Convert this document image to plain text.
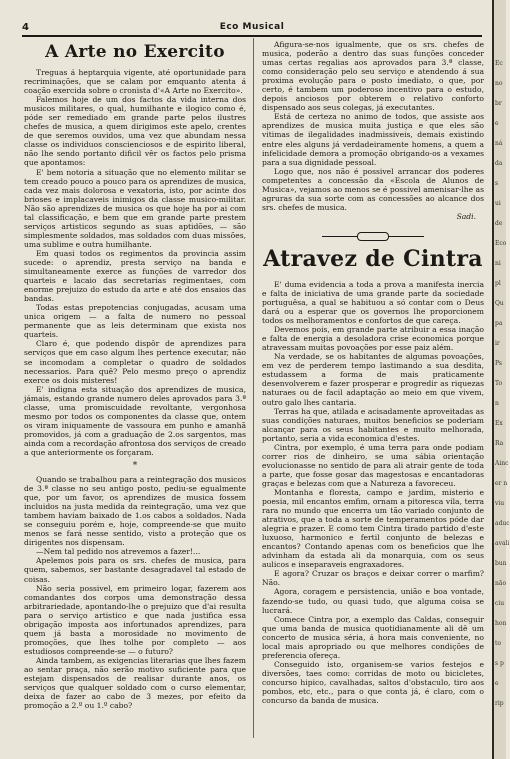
4	Eco Musical
A Arte no Exercito

Treguas á heptarquia vigente, até oportunidade para recriminações, que se calam por emquanto atenta á coação exercida sobre o cronista d'«A Arte no Exercito».

Falemos hoje de um dos factos da vida interna dos musicos militares, o qual, humilhante e ilogico como é, póde ser remediado em grande parte pelos ilustres chefes de musica, a quem dirigimos este apelo, crentes de que seremos ouvidos, uma vez que abundam nessa classe os individuos conscienciosos e de espirito liberal, não lhe sendo portanto dificil vêr os factos pelo prisma que apontamos:

E' bem notoria a situação que no elemento militar se tem creado pouco a pouco para os aprendizes de musica, cada vez mais dolorosa e vexatoria, isto, por acinte dos brioses e implacaveis inimigos da classe musico-militar. Não são aprendizes de musica os que hoje ha por ai com tal classificação, e bem que em grande parte prestem serviços artisticos segundo as suas aptidões, — são simplesmente soldados, mas soldados com duas missões, uma sublime e outra humilhante.

Em quasi todos os regimentos da provincia assim sucede: o aprendiz, presta serviço na banda e simultaneamente exerce as funções de varredor dos quarteis e lacaio das secretarias regimentaes, com enorme prejuizo do estudo da arte e até dos ensaios das bandas.

Todas estas prepotencias conjugadas, acusam uma unica origem — a falta de numero no pessoal permanente que as leis determinam que exista nos quarteis.

Claro é, que podendo dispôr de aprendizes para serviços que em caso algum lhes pertence executar, não se incomodam a completar o quadro de soldados necessarios. Para quê? Pelo mesmo preço o aprendiz exerce os dois misteres!

E' indigna esta situação dos aprendizes de musica, jámais, estando grande numero deles aprovados para 3.ª classe, uma promiscuidade revoltante, vergonhosa mesmo por todos os componentes da classe que, ontem os viram iniquamente de vassoura em punho e amanhã promovidos, já com a graduação de 2.os sargentos, mas ainda com a recordação afrontosa dos serviços de creado a que anteriormente os forçaram.

*

Quando se trabalhou para a reintegração dos musicos de 3.ª classe no seu antigo posto, pediu-se egualmente que, por um favor, os aprendizes de musica fossem incluidos na justa medida da reintegração, uma vez que tambem haviam baixado de 1.os cabos a soldados. Nada se conseguiu porém e, hoje, compreende-se que muito menos se fará nesse sentido, visto a proteção que os dirigentes nos dispensam.

—Nem tal pedido nos atrevemos a fazer!...

Apelemos pois para os srs. chefes de musica, para quem, sabemos, ser bastante desagradavel tal estado de coisas.

Não seria possivel, em primeiro logar, fazerem aos comandantes dos corpos uma demonstração dessa arbitrariedade, apontando-lhe o prejuizo que d'ai resulta para o serviço artistico e que nada justifica essa obrigação imposta aos infortunados aprendizes, para quem já basta a morosidade no movimento de promoções, que lhes tolhe por completo — aos estudiosos compreende-se — o futuro?

Ainda tambem, as exigencias literarias que lhes fazem ao sentar praça, não serão motivo suficiente para que estejam dispensados de realisar durante anos, os serviços que qualquer soldado com o curso elementar, deixa de fazer ao cabo de 3 mezes, por efeito da promoção a 2.º ou 1.º cabo?

Afigura-se-nos igualmente, que os srs. chefes de musica, poderão a dentro das suas funções conceder umas certas regalias aos aprovados para 3.ª classe, como consideração pelo seu serviço e atendendo á sua proxima evolução para o posto imediato, o que, por certo, é tambem um poderoso incentivo para o estudo, depois anciosos por obterem o relativo conforto dispensado aos seus colegas, já executantes.

Está de certeza no animo de todos, que assiste aos aprendizes de musica muita justiça e que eles são vitimas de ilegalidades inadmissiveis, demais existindo entre eles alguns já verdadeiramente homens, a quem a infelicidade demora a promoção obrigando-os a vexames para a sua dignidade pessoal.

Logo que, nos não é possivel arrancar dos poderes competentes a concessão da «Escola de Alunos de Musica», vejamos ao menos se é possivel amenisar-lhe as agruras da sua sorte com as concessões ao alcance dos srs. chefes de musica.

Sadi.
Atravez de Cintra

E' duma evidencia a toda a prova a manifesta inercia e falta de iniciativa de uma grande parte da sociedade portuguêsa, a qual se habituou a só contar com o Deus dará ou a esperar que os governos lhe proporcionem todos os melhoramentos e confortos de que careça.

Devemos pois, em grande parte atribuir a essa inação e falta de energia a desoladora crise economica porque atravessam muitas povoações por esse paiz além.

Na verdade, se os habitantes de algumas povoações, em vez de perderem tempo lastimando a sua desdita, estudassem a forma de mais praticamente desenvolverem e fazer prosperar e progredir as riquezas naturaes ou de facil adaptação ao meio em que vivem, outro galo lhes cantaria.

Terras ha que, atilada e acisadamente aproveitadas as suas condições naturaes, muitos beneficios se poderiam alcançar para os seus habitantes e muito melhorada, portanto, seria a vida economica d'estes.

Cintra, por exemplo, é uma terra para onde podiam correr rios de dinheiro, se uma sábia orientação evolucionasse no sentido de para ali atrair gente de toda a parte, que fosse gosar das magestosas e encantadoras graças e belezas com que a Natureza a favoreceu.

Montanha e floresta, campo e jardim, misterio e poesia, mil encantos emfim, ornam a pitoresca vila, terra rara no mundo que encerra um tão variado conjunto de atrativos, que a toda a sorte de temperamentos póde dar alegria e prazer. E como tem Cintra tirado partido d'este luxuoso, harmonico e fertil conjunto de belezas e encantos? Contando apenas com os beneficios que lhe advinham da estada ali da monarquia, com os seus aulicos e inseparaveis engraxadores.

E agora? Cruzar os braços e deixar correr o marfim? Não.

Agora, coragem e persistencia, união e boa vontade, fazendo-se tudo, ou quasi tudo, que alguma coisa se lucrará.

Comece Cintra por, a exemplo das Caldas, conseguir que uma banda de musica quotidianamente ali dê um concerto de musica séria, á hora mais conveniente, no local mais apropriado ou que melhores condições de preferencia ofereça.

Conseguido isto, organisem-se varios festejos e diversões, taes como: corridas de moto ou bicicletes, concurso hipico, cavalhadas, saltos d'obstaculo, tiro aos pombos, etc, etc., para o que conta já, é claro, com o concurso da banda de musica.

Ec
no
br
e
ná
da
s
ui
de
Eco
ni
pl
Qu
pa
ir
Ps
To
n
Ex
Ra
Ainc
er n
viu
aduc
avali
bun
não
ciu
hon
to
s p
e
rip
